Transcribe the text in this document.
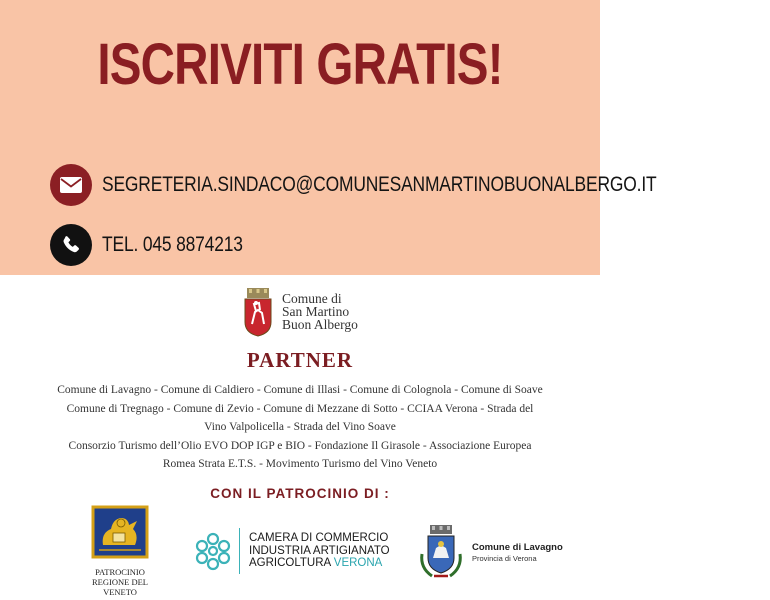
ISCRIVITI GRATIS!
SEGRETERIA.SINDACO@COMUNESANMARTINOBUONALBERGO.IT
TEL. 045 8874213
Comune di
San Martino
Buon Albergo
PARTNER
Comune di Lavagno - Comune di Caldiero - Comune di Illasi - Comune di Colognola - Comune di Soave
Comune di Tregnago - Comune di Zevio - Comune di Mezzane di Sotto - CCIAA Verona - Strada del
Vino Valpolicella - Strada del Vino Soave
Consorzio Turismo dell’Olio EVO DOP IGP e BIO - Fondazione Il Girasole - Associazione Europea
Romea Strata E.T.S. - Movimento Turismo del Vino Veneto
CON IL PATROCINIO DI :
PATROCINIO
REGIONE DEL VENETO
CAMERA DI COMMERCIO
INDUSTRIA ARTIGIANATO
AGRICOLTURA VERONA
Comune di Lavagno
Provincia di Verona
